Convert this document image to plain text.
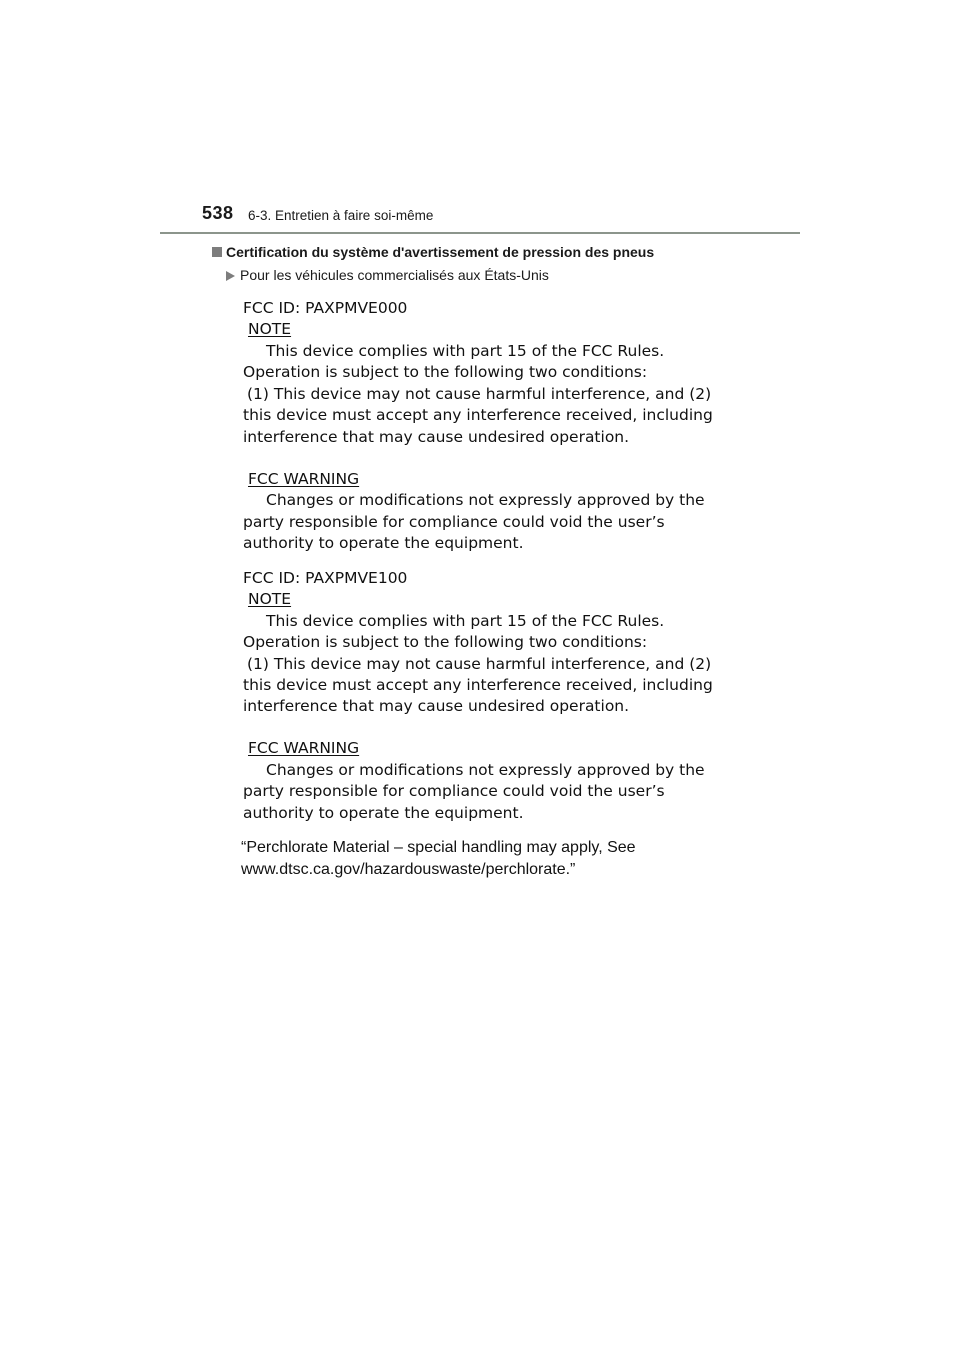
538 6-3. Entretien à faire soi-même
Certification du système d'avertissement de pression des pneus
Pour les véhicules commercialisés aux États-Unis
FCC ID: PAXPMVE000
NOTE
This device complies with part 15 of the FCC Rules.
Operation is subject to the following two conditions:
(1) This device may not cause harmful interference, and (2)
this device must accept any interference received, including
interference that may cause undesired operation.
FCC WARNING
Changes or modifications not expressly approved by the
party responsible for compliance could void the user’s
authority to operate the equipment.
FCC ID: PAXPMVE100
NOTE
This device complies with part 15 of the FCC Rules.
Operation is subject to the following two conditions:
(1) This device may not cause harmful interference, and (2)
this device must accept any interference received, including
interference that may cause undesired operation.
FCC WARNING
Changes or modifications not expressly approved by the
party responsible for compliance could void the user’s
authority to operate the equipment.
“Perchlorate Material – special handling may apply, See
www.dtsc.ca.gov/hazardouswaste/perchlorate.”
